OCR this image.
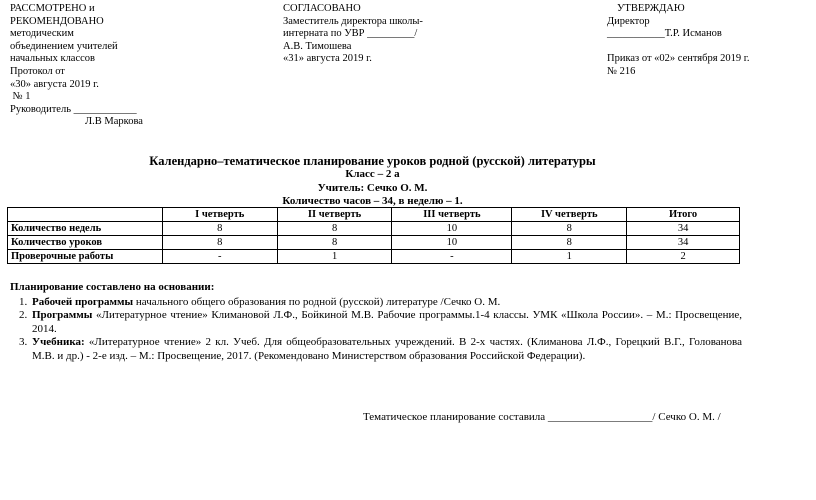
РАССМОТРЕНО и
РЕКОМЕНДОВАНО
методическим
объединением учителей
начальных классов
Протокол от
«30» августа 2019 г.
№ 1
Руководитель ____________
Л.В Маркова
СОГЛАСОВАНО
Заместитель директора школы-
интерната по УВР _________/
А.В. Тимошева
«31» августа 2019 г.
УТВЕРЖДАЮ
Директор
___________Т.Р. Исманов

Приказ от «02» сентября 2019 г.
№ 216
Календарно–тематическое планирование уроков родной (русской) литературы
Класс – 2 а
Учитель: Сечко О. М.
Количество часов – 34, в неделю – 1.
	I четверть	II четверть	III четверть	IV четверть	Итого
Количество недель	8	8	10	8	34
Количество уроков	8	8	10	8	34
Проверочные работы	-	1	-	1	2
Планирование составлено на основании:
1. Рабочей программы начального общего образования по родной (русской) литературе /Сечко О. М.
2. Программы «Литературное чтение» Климановой Л.Ф., Бойкиной М.В. Рабочие программы.1-4 классы. УМК «Школа России». – М.: Просвещение, 2014.
3. Учебника: «Литературное чтение» 2 кл. Учеб. Для общеобразовательных учреждений. В 2-х частях. (Климанова Л.Ф., Горецкий В.Г., Голованова М.В. и др.) - 2-е изд. – М.: Просвещение, 2017. (Рекомендовано Министерством образования Российской Федерации).
Тематическое планирование составила ___________________/ Сечко О. М. /
